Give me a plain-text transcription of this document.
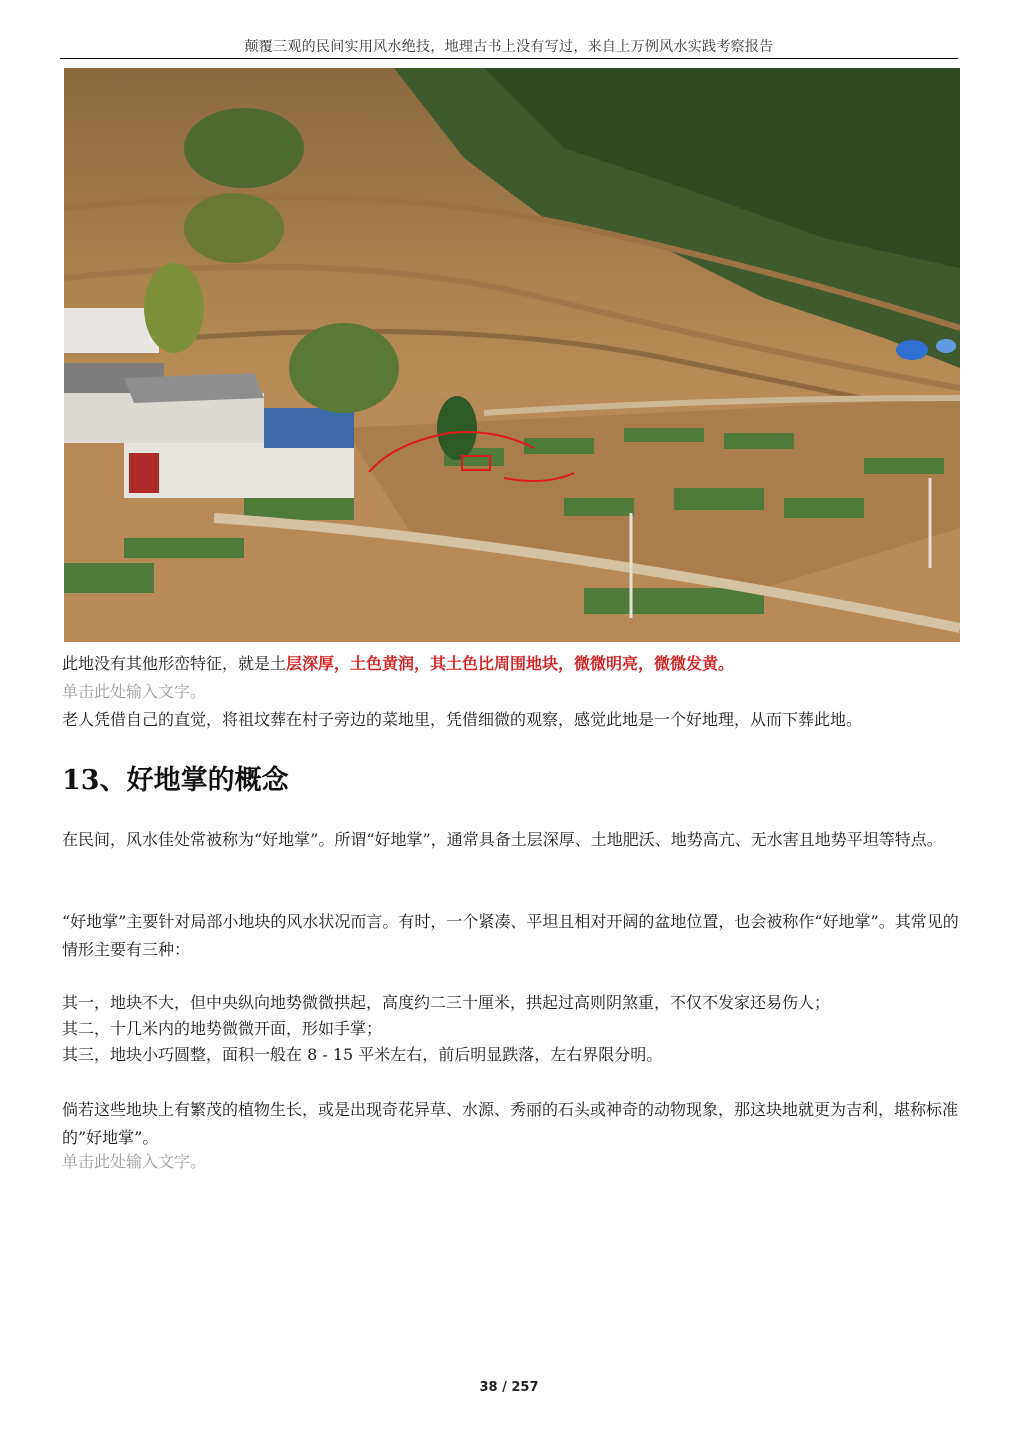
颠覆三观的民间实用风水绝技，地理古书上没有写过，来自上万例风水实践考察报告
此地没有其他形峦特征，就是土层深厚，土色黄润，其土色比周围地块，微微明亮，微微发黄。
单击此处输入文字。
老人凭借自己的直觉，将祖坟葬在村子旁边的菜地里，凭借细微的观察，感觉此地是一个好地理，从而下葬此地。
13、好地掌的概念
在民间，风水佳处常被称为“好地掌”。所谓“好地掌”，通常具备土层深厚、土地肥沃、地势高亢、无水害且地势平坦等特点。
“好地掌”主要针对局部小地块的风水状况而言。有时，一个紧凑、平坦且相对开阔的盆地位置，也会被称作“好地掌”。其常见的情形主要有三种：
其一，地块不大，但中央纵向地势微微拱起，高度约二三十厘米，拱起过高则阴煞重，不仅不发家还易伤人；
其二，十几米内的地势微微开面，形如手掌；
其三，地块小巧圆整，面积一般在 8 - 15 平米左右，前后明显跌落，左右界限分明。
倘若这些地块上有繁茂的植物生长，或是出现奇花异草、水源、秀丽的石头或神奇的动物现象，那这块地就更为吉利，堪称标准的”好地掌”。
单击此处输入文字。
38 / 257
